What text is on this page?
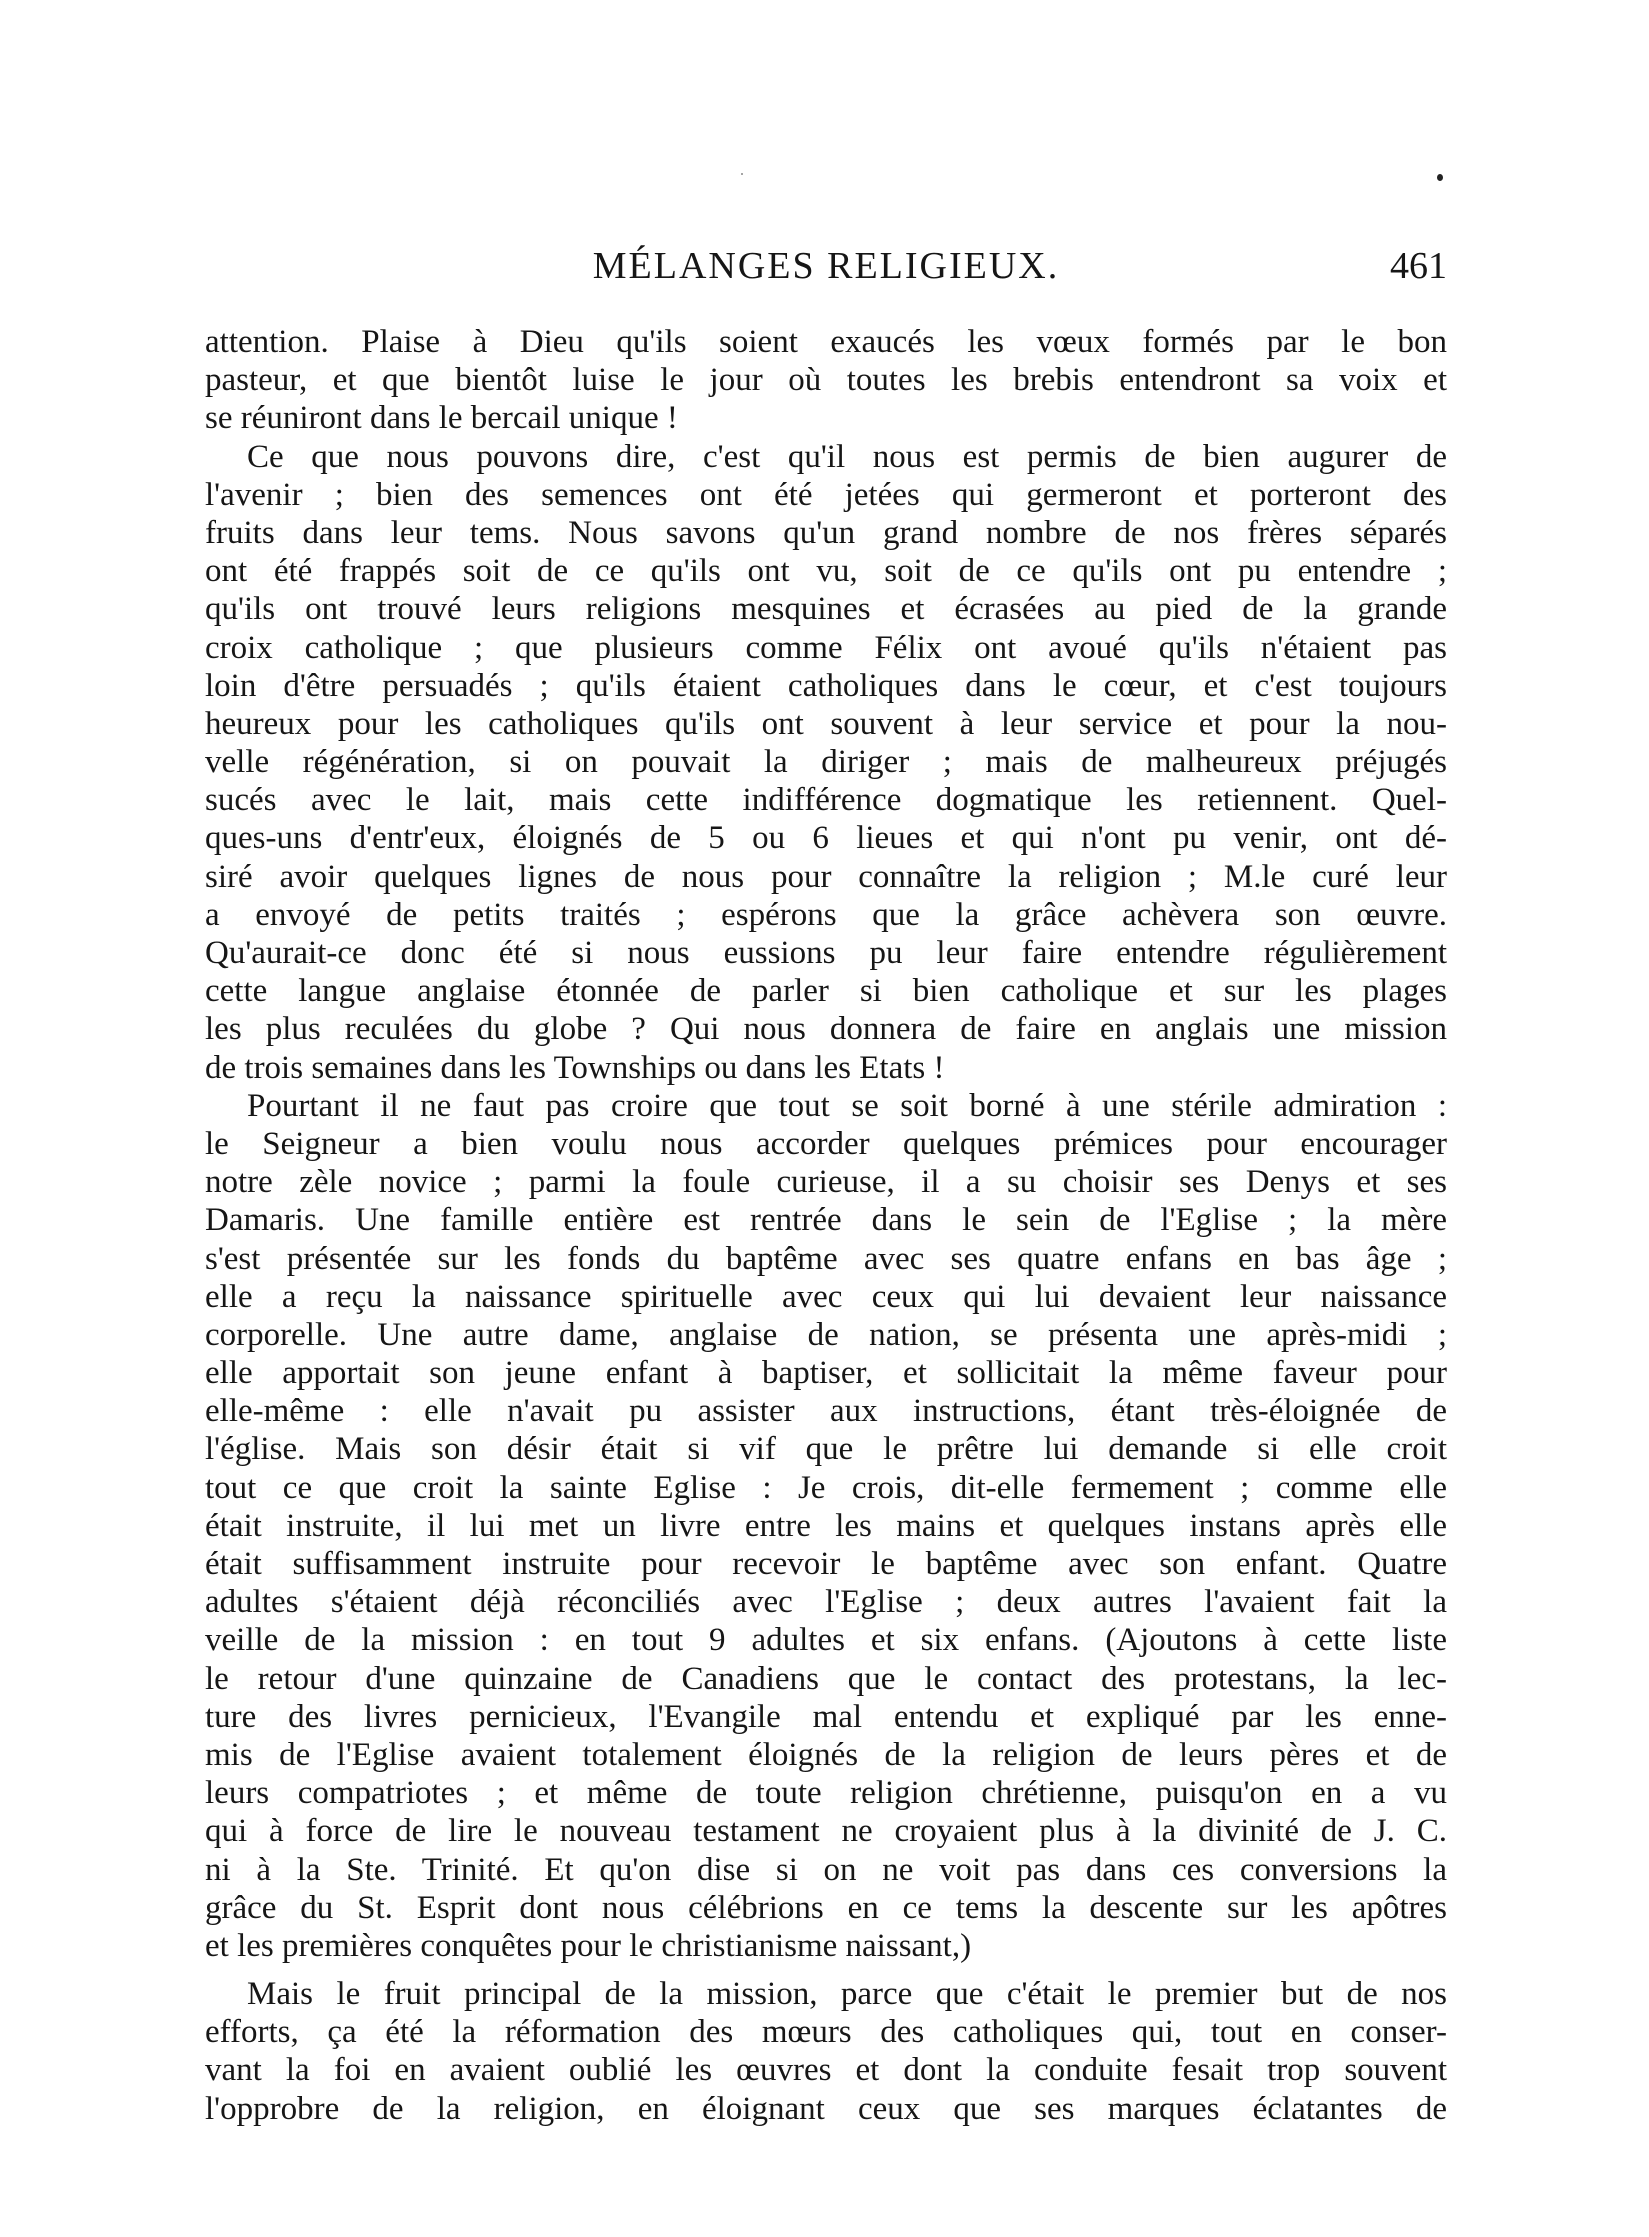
MÉLANGES RELIGIEUX.	461
attention. Plaise à Dieu qu'ils soient exaucés les vœux formés par le bon
pasteur, et que bientôt luise le jour où toutes les brebis entendront sa voix et
se réuniront dans le bercail unique !
Ce que nous pouvons dire, c'est qu'il nous est permis de bien augurer de
l'avenir ; bien des semences ont été jetées qui germeront et porteront des
fruits dans leur tems. Nous savons qu'un grand nombre de nos frères séparés
ont été frappés soit de ce qu'ils ont vu, soit de ce qu'ils ont pu entendre ;
qu'ils ont trouvé leurs religions mesquines et écrasées au pied de la grande
croix catholique ; que plusieurs comme Félix ont avoué qu'ils n'étaient pas
loin d'être persuadés ; qu'ils étaient catholiques dans le cœur, et c'est toujours
heureux pour les catholiques qu'ils ont souvent à leur service et pour la nou-
velle régénération, si on pouvait la diriger ; mais de malheureux préjugés
sucés avec le lait, mais cette indifférence dogmatique les retiennent. Quel-
ques-uns d'entr'eux, éloignés de 5 ou 6 lieues et qui n'ont pu venir, ont dé-
siré avoir quelques lignes de nous pour connaître la religion ; M.le curé leur
a envoyé de petits traités ; espérons que la grâce achèvera son œuvre.
Qu'aurait-ce donc été si nous eussions pu leur faire entendre régulièrement
cette langue anglaise étonnée de parler si bien catholique et sur les plages
les plus reculées du globe ? Qui nous donnera de faire en anglais une mission
de trois semaines dans les Townships ou dans les Etats !
Pourtant il ne faut pas croire que tout se soit borné à une stérile admiration :
le Seigneur a bien voulu nous accorder quelques prémices pour encourager
notre zèle novice ; parmi la foule curieuse, il a su choisir ses Denys et ses
Damaris. Une famille entière est rentrée dans le sein de l'Eglise ; la mère
s'est présentée sur les fonds du baptême avec ses quatre enfans en bas âge ;
elle a reçu la naissance spirituelle avec ceux qui lui devaient leur naissance
corporelle. Une autre dame, anglaise de nation, se présenta une après-midi ;
elle apportait son jeune enfant à baptiser, et sollicitait la même faveur pour
elle-même : elle n'avait pu assister aux instructions, étant très-éloignée de
l'église. Mais son désir était si vif que le prêtre lui demande si elle croit
tout ce que croit la sainte Eglise : Je crois, dit-elle fermement ; comme elle
était instruite, il lui met un livre entre les mains et quelques instans après elle
était suffisamment instruite pour recevoir le baptême avec son enfant. Quatre
adultes s'étaient déjà réconciliés avec l'Eglise ; deux autres l'avaient fait la
veille de la mission : en tout 9 adultes et six enfans. (Ajoutons à cette liste
le retour d'une quinzaine de Canadiens que le contact des protestans, la lec-
ture des livres pernicieux, l'Evangile mal entendu et expliqué par les enne-
mis de l'Eglise avaient totalement éloignés de la religion de leurs pères et de
leurs compatriotes ; et même de toute religion chrétienne, puisqu'on en a vu
qui à force de lire le nouveau testament ne croyaient plus à la divinité de J. C.
ni à la Ste. Trinité. Et qu'on dise si on ne voit pas dans ces conversions la
grâce du St. Esprit dont nous célébrions en ce tems la descente sur les apôtres
et les premières conquêtes pour le christianisme naissant,)
Mais le fruit principal de la mission, parce que c'était le premier but de nos
efforts, ça été la réformation des mœurs des catholiques qui, tout en conser-
vant la foi en avaient oublié les œuvres et dont la conduite fesait trop souvent
l'opprobre de la religion, en éloignant ceux que ses marques éclatantes de
